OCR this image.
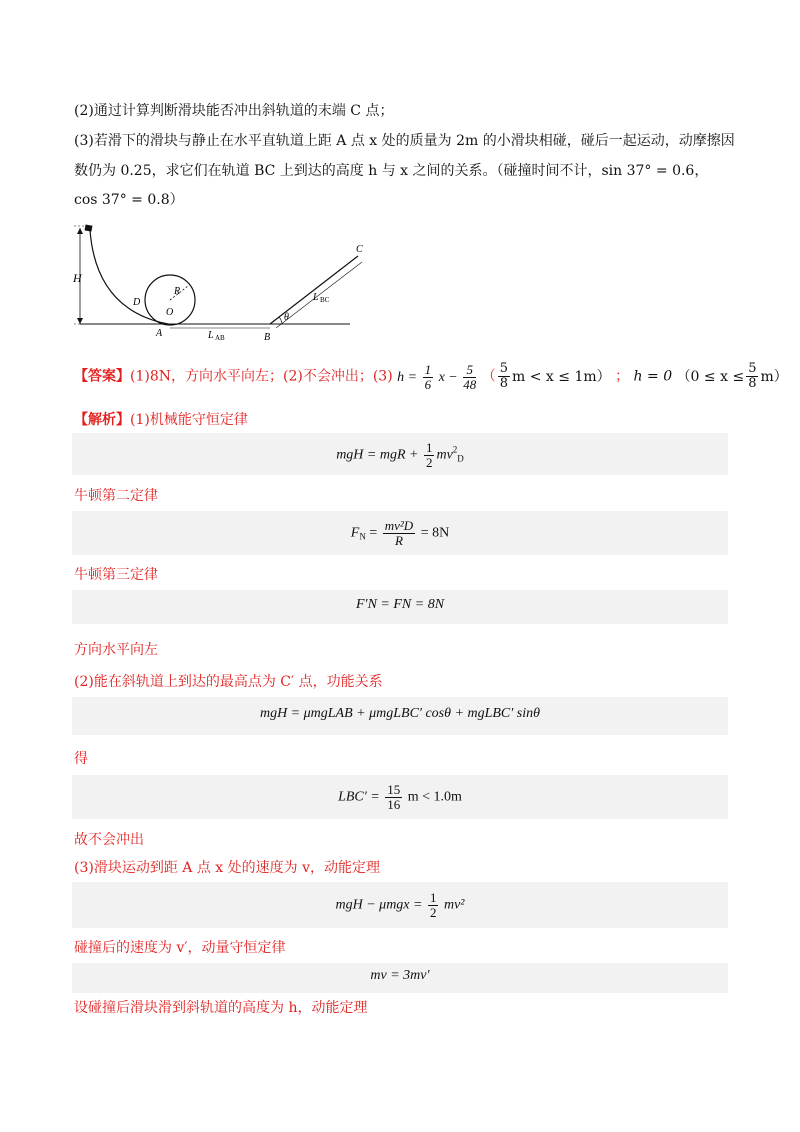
(2)通过计算判断滑块能否冲出斜轨道的末端 C 点；
(3)若滑下的滑块与静止在水平直轨道上距 A 点 x 处的质量为 2m 的小滑块相碰，碰后一起运动，动摩擦因
数仍为 0.25，求它们在轨道 BC 上到达的高度 h 与 x 之间的关系。（碰撞时间不计，sin 37° = 0.6，
cos 37° = 0.8）
H
R
O
D
A	L AB	B
C
L BC
θ
【答案】(1)8N，方向水平向左；(2)不会冲出；(3) $h = \frac{1}{6}$ $x - \frac{5}{48}$ （ $\frac{5}{8}$ m < x ≤ 1m） ； h = 0 $(0 \le x \le \frac{5}{8} m)$
【解析】(1)机械能守恒定律
mgH = mgR + $\frac{1}{2} mv^2_D$
牛顿第二定律
$F_N = \frac{\text{mv²D}}{R} = 8N$
牛顿第三定律
F′N = FN = 8N
方向水平向左
(2)能在斜轨道上到达的最高点为 C′ 点，功能关系
mgH = μmgLAB + μmgLBC′ cosθ + mgLBC′ sinθ
得
$LBC' = \frac{15}{16}$ m < 1.0m
故不会冲出
(3)滑块运动到距 A 点 x 处的速度为 v，动能定理
mgH − $\mu mgx = \frac{1}{2} mv^2$
碰撞后的速度为 v′，动量守恒定律
mv = 3mv′
设碰撞后滑块滑到斜轨道的高度为 h，动能定理
